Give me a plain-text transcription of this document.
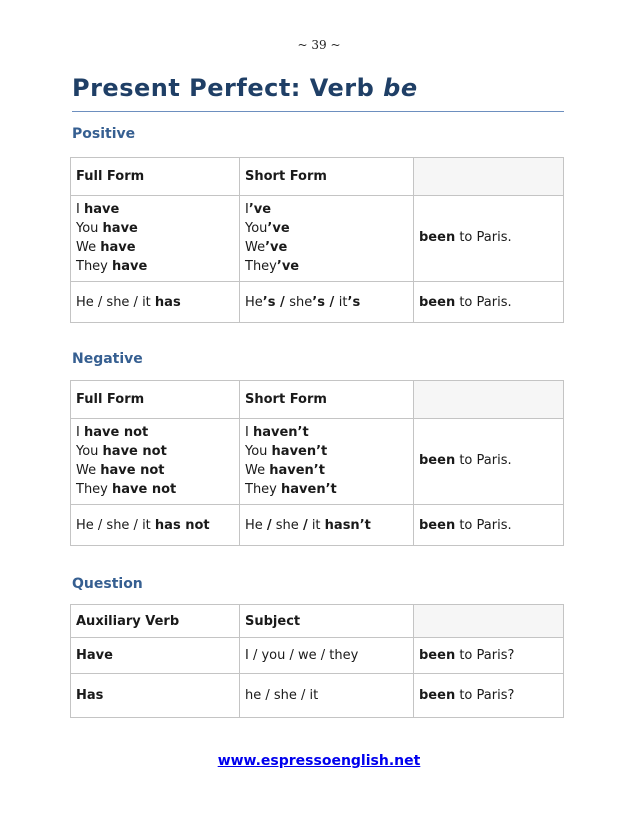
~ 39 ~
Present Perfect: Verb be
Positive
Full Form	Short Form	

I have
You have
We have
They have	I’ve
You’ve
We’ve
They’ve	been to Paris.
He / she / it has	He’s / she’s / it’s	been to Paris.
Negative
Full Form	Short Form	

I have not
You have not
We have not
They have not	I haven’t
You haven’t
We haven’t
They haven’t	been to Paris.
He / she / it has not	He / she / it hasn’t	been to Paris.
Question
Auxiliary Verb	Subject	
Have	I / you / we / they	been to Paris?
Has	he / she / it	been to Paris?
www.espressoenglish.net
